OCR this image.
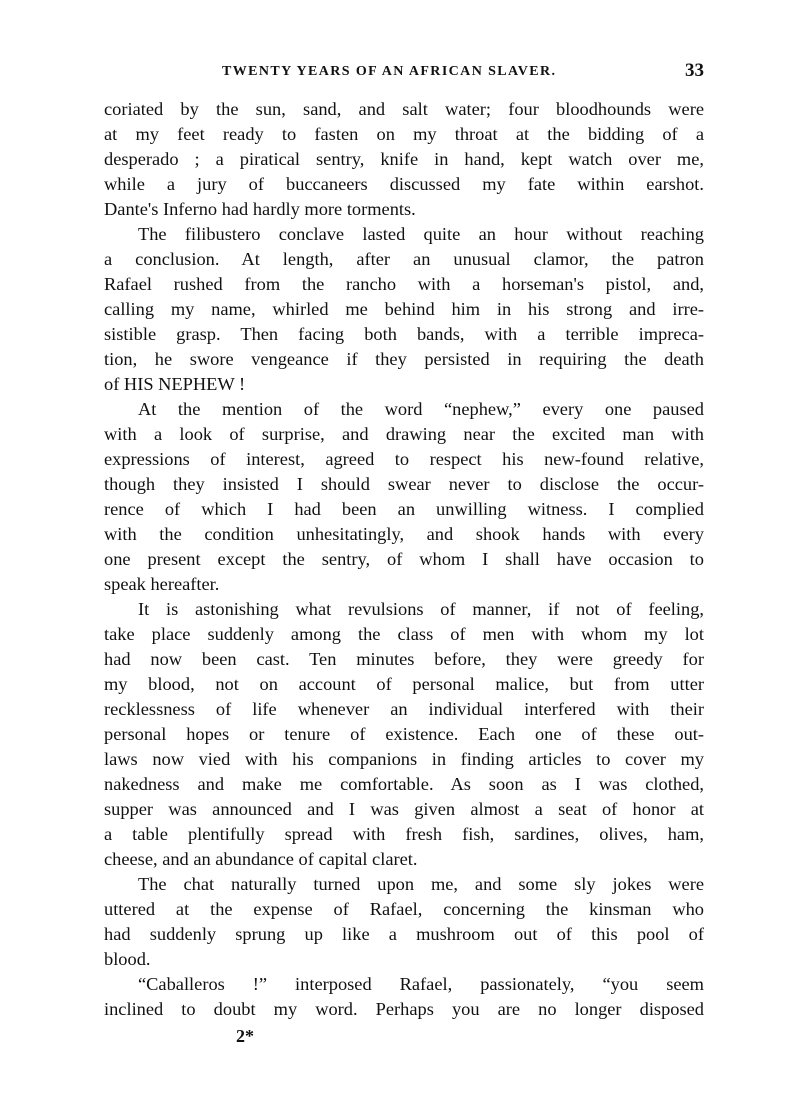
TWENTY YEARS OF AN AFRICAN SLAVER.	33
coriated by the sun, sand, and salt water; four bloodhounds were
at my feet ready to fasten on my throat at the bidding of a
desperado ; a piratical sentry, knife in hand, kept watch over me,
while a jury of buccaneers discussed my fate within earshot.
Dante's Inferno had hardly more torments.
The filibustero conclave lasted quite an hour without reaching
a conclusion. At length, after an unusual clamor, the patron
Rafael rushed from the rancho with a horseman's pistol, and,
calling my name, whirled me behind him in his strong and irre-
sistible grasp. Then facing both bands, with a terrible impreca-
tion, he swore vengeance if they persisted in requiring the death
of HIS NEPHEW !
At the mention of the word “nephew,” every one paused
with a look of surprise, and drawing near the excited man with
expressions of interest, agreed to respect his new-found relative,
though they insisted I should swear never to disclose the occur-
rence of which I had been an unwilling witness. I complied
with the condition unhesitatingly, and shook hands with every
one present except the sentry, of whom I shall have occasion to
speak hereafter.
It is astonishing what revulsions of manner, if not of feeling,
take place suddenly among the class of men with whom my lot
had now been cast. Ten minutes before, they were greedy for
my blood, not on account of personal malice, but from utter
recklessness of life whenever an individual interfered with their
personal hopes or tenure of existence. Each one of these out-
laws now vied with his companions in finding articles to cover my
nakedness and make me comfortable. As soon as I was clothed,
supper was announced and I was given almost a seat of honor at
a table plentifully spread with fresh fish, sardines, olives, ham,
cheese, and an abundance of capital claret.
The chat naturally turned upon me, and some sly jokes were
uttered at the expense of Rafael, concerning the kinsman who
had suddenly sprung up like a mushroom out of this pool of
blood.
“Caballeros !” interposed Rafael, passionately, “you seem
inclined to doubt my word. Perhaps you are no longer disposed
2*
